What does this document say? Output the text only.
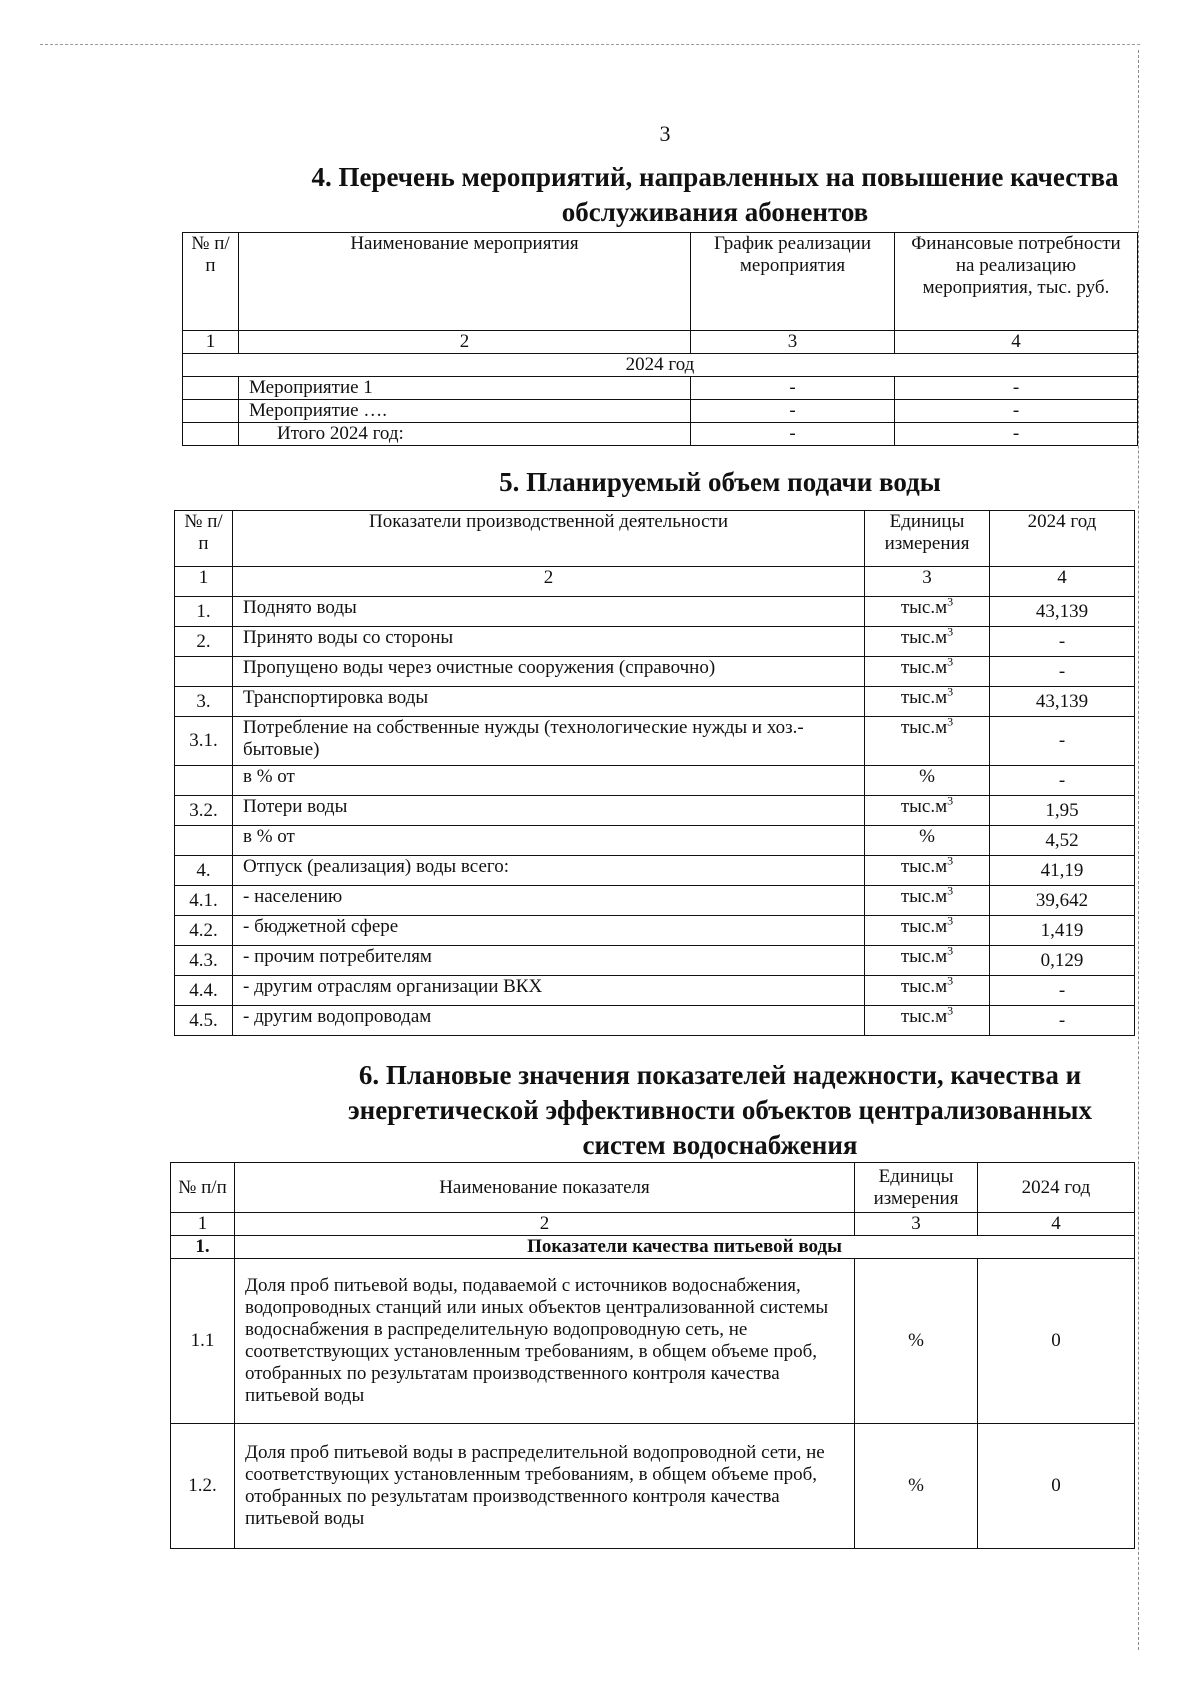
3
4. Перечень мероприятий, направленных на повышение качества
обслуживания абонентов
№ п/п	Наименование мероприятия	График реализации мероприятия	Финансовые потребности на реализацию мероприятия, тыс. руб.
1	2	3	4
2024 год			
	Мероприятие 1	-	-
	Мероприятие ….	-	-
	Итого 2024 год:	-	-
5. Планируемый объем подачи воды
№ п/п	Показатели производственной деятельности	Единицы измерения	2024 год
1	2	3	4
1.	Поднято воды	$тыс.м^3$	43,139
2.	Принято воды со стороны	$тыс.м^3$	-
	Пропущено воды через очистные сооружения (справочно)	$тыс.м^3$	-
3.	Транспортировка воды	$тыс.м^3$	43,139
3.1.	Потребление на собственные нужды (технологические нужды и хоз.-бытовые)	$тыс.м^3$	-
	в % от	%	-
3.2.	Потери воды	$тыс.м^3$	1,95
	в % от	%	4,52
4.	Отпуск (реализация) воды всего:	$тыс.м^3$	41,19
4.1.	- населению	$тыс.м^3$	39,642
4.2.	- бюджетной сфере	$тыс.м^3$	1,419
4.3.	- прочим потребителям	$тыс.м^3$	0,129
4.4.	- другим отраслям организации ВКХ	$тыс.м^3$	-
4.5.	- другим водопроводам	$тыс.м^3$	-
6. Плановые значения показателей надежности, качества и
энергетической эффективности объектов централизованных
систем водоснабжения
№ п/п	Наименование показателя	Единицы измерения	2024 год
1	2	3	4
1.	Показатели качества питьевой воды		
1.1	Доля проб питьевой воды, подаваемой с источников водоснабжения, водопроводных станций или иных объектов централизованной системы водоснабжения в распределительную водопроводную сеть, не соответствующих установленным требованиям, в общем объеме проб, отобранных по результатам производственного контроля качества питьевой воды	%	0
1.2.	Доля проб питьевой воды в распределительной водопроводной сети, не соответствующих установленным требованиям, в общем объеме проб, отобранных по результатам производственного контроля качества питьевой воды	%	0
